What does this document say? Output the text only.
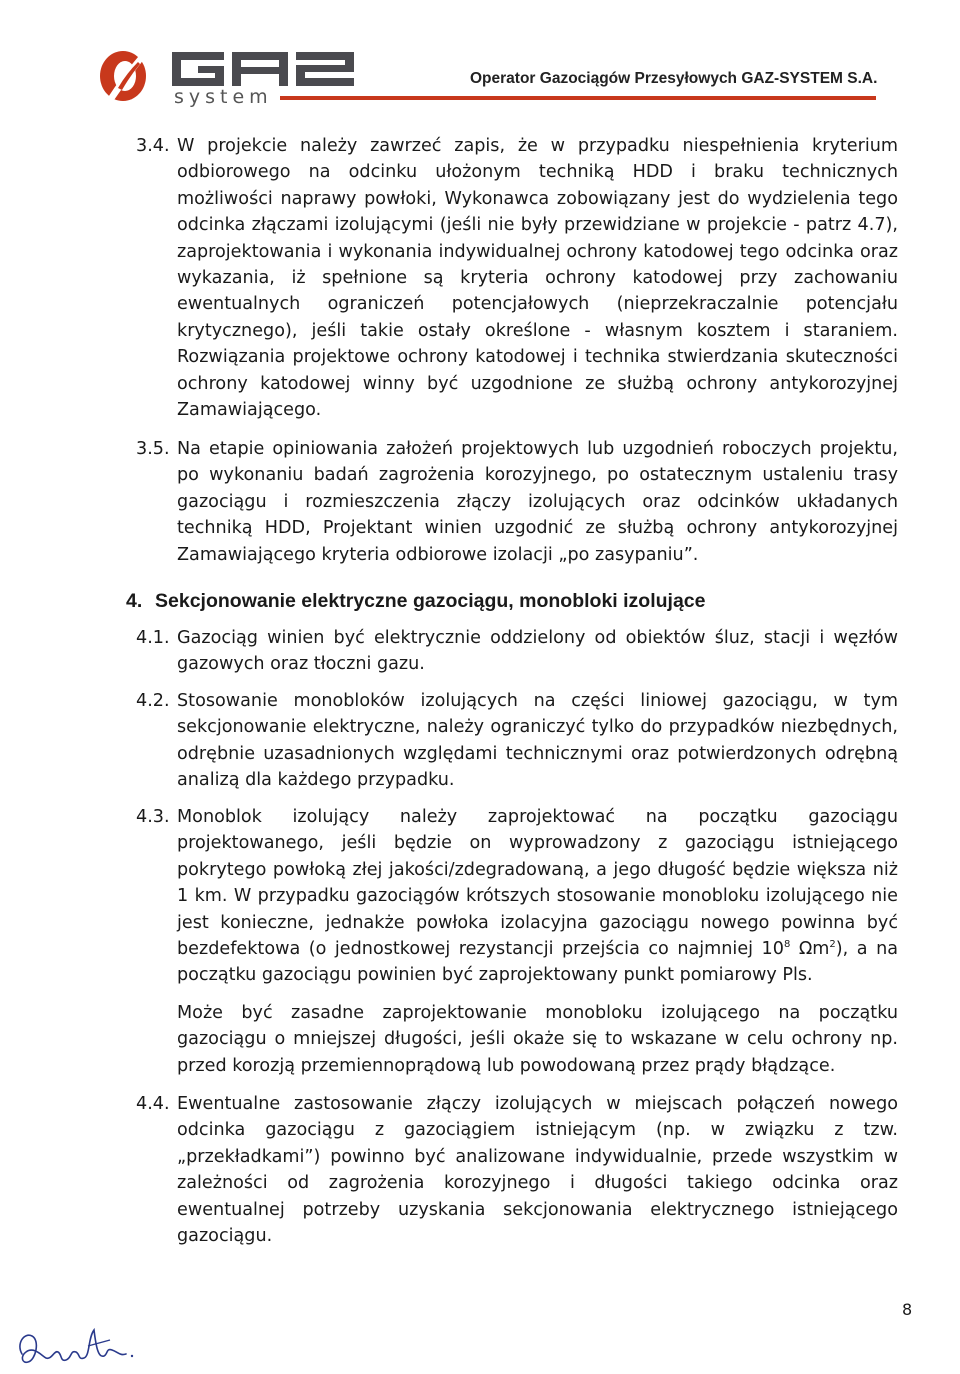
system
Operator Gazociągów Przesyłowych GAZ-SYSTEM S.A.
3.4. W projekcie należy zawrzeć zapis, że w przypadku niespełnienia kryterium odbiorowego na odcinku ułożonym techniką HDD i braku technicznych możliwości naprawy powłoki, Wykonawca zobowiązany jest do wydzielenia tego odcinka złączami izolującymi (jeśli nie były przewidziane w projekcie - patrz 4.7), zaprojektowania i wykonania indywidualnej ochrony katodowej tego odcinka oraz wykazania, iż spełnione są kryteria ochrony katodowej przy zachowaniu ewentualnych ograniczeń potencjałowych (nieprzekraczalnie potencjału krytycznego), jeśli takie ostały określone - własnym kosztem i staraniem. Rozwiązania projektowe ochrony katodowej i technika stwierdzania skuteczności ochrony katodowej winny być uzgodnione ze służbą ochrony antykorozyjnej Zamawiającego.
3.5. Na etapie opiniowania założeń projektowych lub uzgodnień roboczych projektu, po wykonaniu badań zagrożenia korozyjnego, po ostatecznym ustaleniu trasy gazociągu i rozmieszczenia złączy izolujących oraz odcinków układanych techniką HDD, Projektant winien uzgodnić ze służbą ochrony antykorozyjnej Zamawiającego kryteria odbiorowe izolacji „po zasypaniu”.
4. Sekcjonowanie elektryczne gazociągu, monobloki izolujące
4.1. Gazociąg winien być elektrycznie oddzielony od obiektów śluz, stacji i węzłów gazowych oraz tłoczni gazu.
4.2. Stosowanie monobloków izolujących na części liniowej gazociągu, w tym sekcjonowanie elektryczne, należy ograniczyć tylko do przypadków niezbędnych, odrębnie uzasadnionych względami technicznymi oraz potwierdzonych odrębną analizą dla każdego przypadku.
4.3. Monoblok izolujący należy zaprojektować na początku gazociągu projektowanego, jeśli będzie on wyprowadzony z gazociągu istniejącego pokrytego powłoką złej jakości/zdegradowaną, a jego długość będzie większa niż 1 km. W przypadku gazociągów krótszych stosowanie monobloku izolującego nie jest konieczne, jednakże powłoka izolacyjna gazociągu nowego powinna być bezdefektowa (o jednostkowej rezystancji przejścia co najmniej $10^8$ $\Omega m^2$), a na początku gazociągu powinien być zaprojektowany punkt pomiarowy Pls.
Może być zasadne zaprojektowanie monobloku izolującego na początku gazociągu o mniejszej długości, jeśli okaże się to wskazane w celu ochrony np. przed korozją przemiennoprądową lub powodowaną przez prądy błądzące.
4.4. Ewentualne zastosowanie złączy izolujących w miejscach połączeń nowego odcinka gazociągu z gazociągiem istniejącym (np. w związku z tzw. „przekładkami”) powinno być analizowane indywidualnie, przede wszystkim w zależności od zagrożenia korozyjnego i długości takiego odcinka oraz ewentualnej potrzeby uzyskania sekcjonowania elektrycznego istniejącego gazociągu.
8
